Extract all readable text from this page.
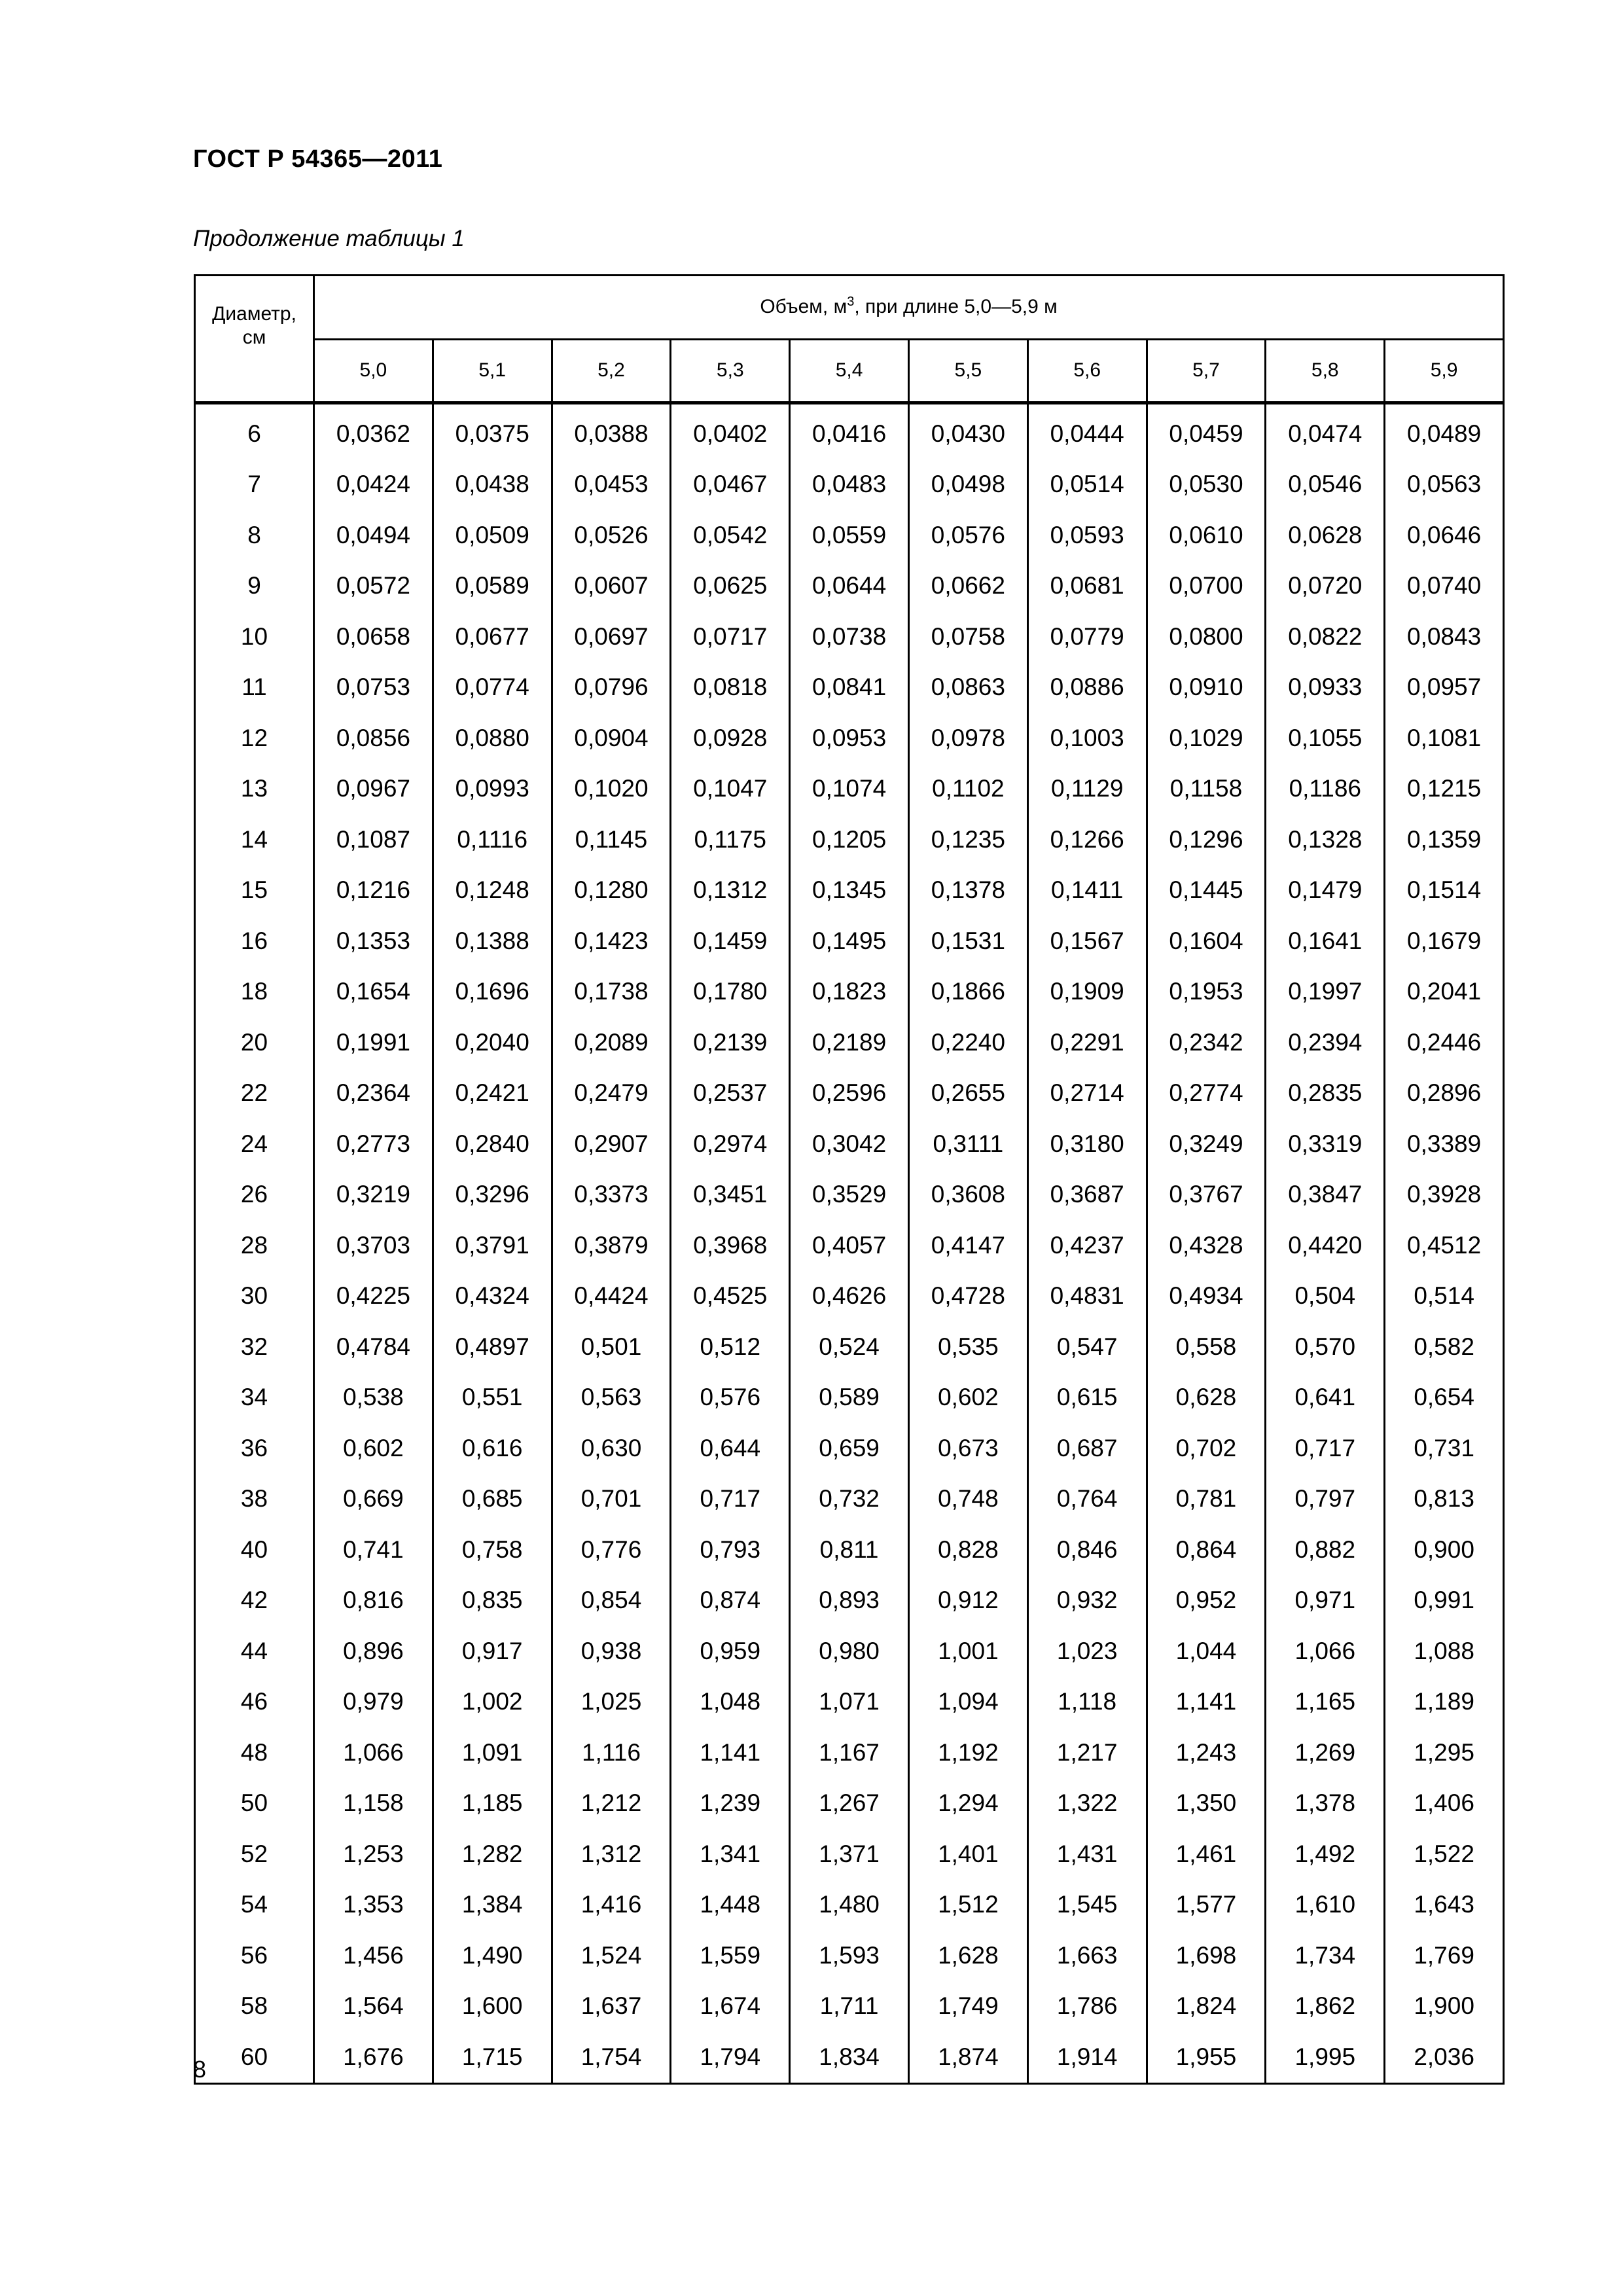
ГОСТ Р 54365—2011
Продолжение таблицы 1
Диаметр,
см	Объем, $м^3$, при длине 5,0—5,9 м									
	5,0	5,1	5,2	5,3	5,4	5,5	5,6	5,7	5,8	5,9
6	0,0362	0,0375	0,0388	0,0402	0,0416	0,0430	0,0444	0,0459	0,0474	0,0489
7	0,0424	0,0438	0,0453	0,0467	0,0483	0,0498	0,0514	0,0530	0,0546	0,0563
8	0,0494	0,0509	0,0526	0,0542	0,0559	0,0576	0,0593	0,0610	0,0628	0,0646
9	0,0572	0,0589	0,0607	0,0625	0,0644	0,0662	0,0681	0,0700	0,0720	0,0740
10	0,0658	0,0677	0,0697	0,0717	0,0738	0,0758	0,0779	0,0800	0,0822	0,0843
11	0,0753	0,0774	0,0796	0,0818	0,0841	0,0863	0,0886	0,0910	0,0933	0,0957
12	0,0856	0,0880	0,0904	0,0928	0,0953	0,0978	0,1003	0,1029	0,1055	0,1081
13	0,0967	0,0993	0,1020	0,1047	0,1074	0,1102	0,1129	0,1158	0,1186	0,1215
14	0,1087	0,1116	0,1145	0,1175	0,1205	0,1235	0,1266	0,1296	0,1328	0,1359
15	0,1216	0,1248	0,1280	0,1312	0,1345	0,1378	0,1411	0,1445	0,1479	0,1514
16	0,1353	0,1388	0,1423	0,1459	0,1495	0,1531	0,1567	0,1604	0,1641	0,1679
18	0,1654	0,1696	0,1738	0,1780	0,1823	0,1866	0,1909	0,1953	0,1997	0,2041
20	0,1991	0,2040	0,2089	0,2139	0,2189	0,2240	0,2291	0,2342	0,2394	0,2446
22	0,2364	0,2421	0,2479	0,2537	0,2596	0,2655	0,2714	0,2774	0,2835	0,2896
24	0,2773	0,2840	0,2907	0,2974	0,3042	0,3111	0,3180	0,3249	0,3319	0,3389
26	0,3219	0,3296	0,3373	0,3451	0,3529	0,3608	0,3687	0,3767	0,3847	0,3928
28	0,3703	0,3791	0,3879	0,3968	0,4057	0,4147	0,4237	0,4328	0,4420	0,4512
30	0,4225	0,4324	0,4424	0,4525	0,4626	0,4728	0,4831	0,4934	0,504	0,514
32	0,4784	0,4897	0,501	0,512	0,524	0,535	0,547	0,558	0,570	0,582
34	0,538	0,551	0,563	0,576	0,589	0,602	0,615	0,628	0,641	0,654
36	0,602	0,616	0,630	0,644	0,659	0,673	0,687	0,702	0,717	0,731
38	0,669	0,685	0,701	0,717	0,732	0,748	0,764	0,781	0,797	0,813
40	0,741	0,758	0,776	0,793	0,811	0,828	0,846	0,864	0,882	0,900
42	0,816	0,835	0,854	0,874	0,893	0,912	0,932	0,952	0,971	0,991
44	0,896	0,917	0,938	0,959	0,980	1,001	1,023	1,044	1,066	1,088
46	0,979	1,002	1,025	1,048	1,071	1,094	1,118	1,141	1,165	1,189
48	1,066	1,091	1,116	1,141	1,167	1,192	1,217	1,243	1,269	1,295
50	1,158	1,185	1,212	1,239	1,267	1,294	1,322	1,350	1,378	1,406
52	1,253	1,282	1,312	1,341	1,371	1,401	1,431	1,461	1,492	1,522
54	1,353	1,384	1,416	1,448	1,480	1,512	1,545	1,577	1,610	1,643
56	1,456	1,490	1,524	1,559	1,593	1,628	1,663	1,698	1,734	1,769
58	1,564	1,600	1,637	1,674	1,711	1,749	1,786	1,824	1,862	1,900
60	1,676	1,715	1,754	1,794	1,834	1,874	1,914	1,955	1,995	2,036
8
